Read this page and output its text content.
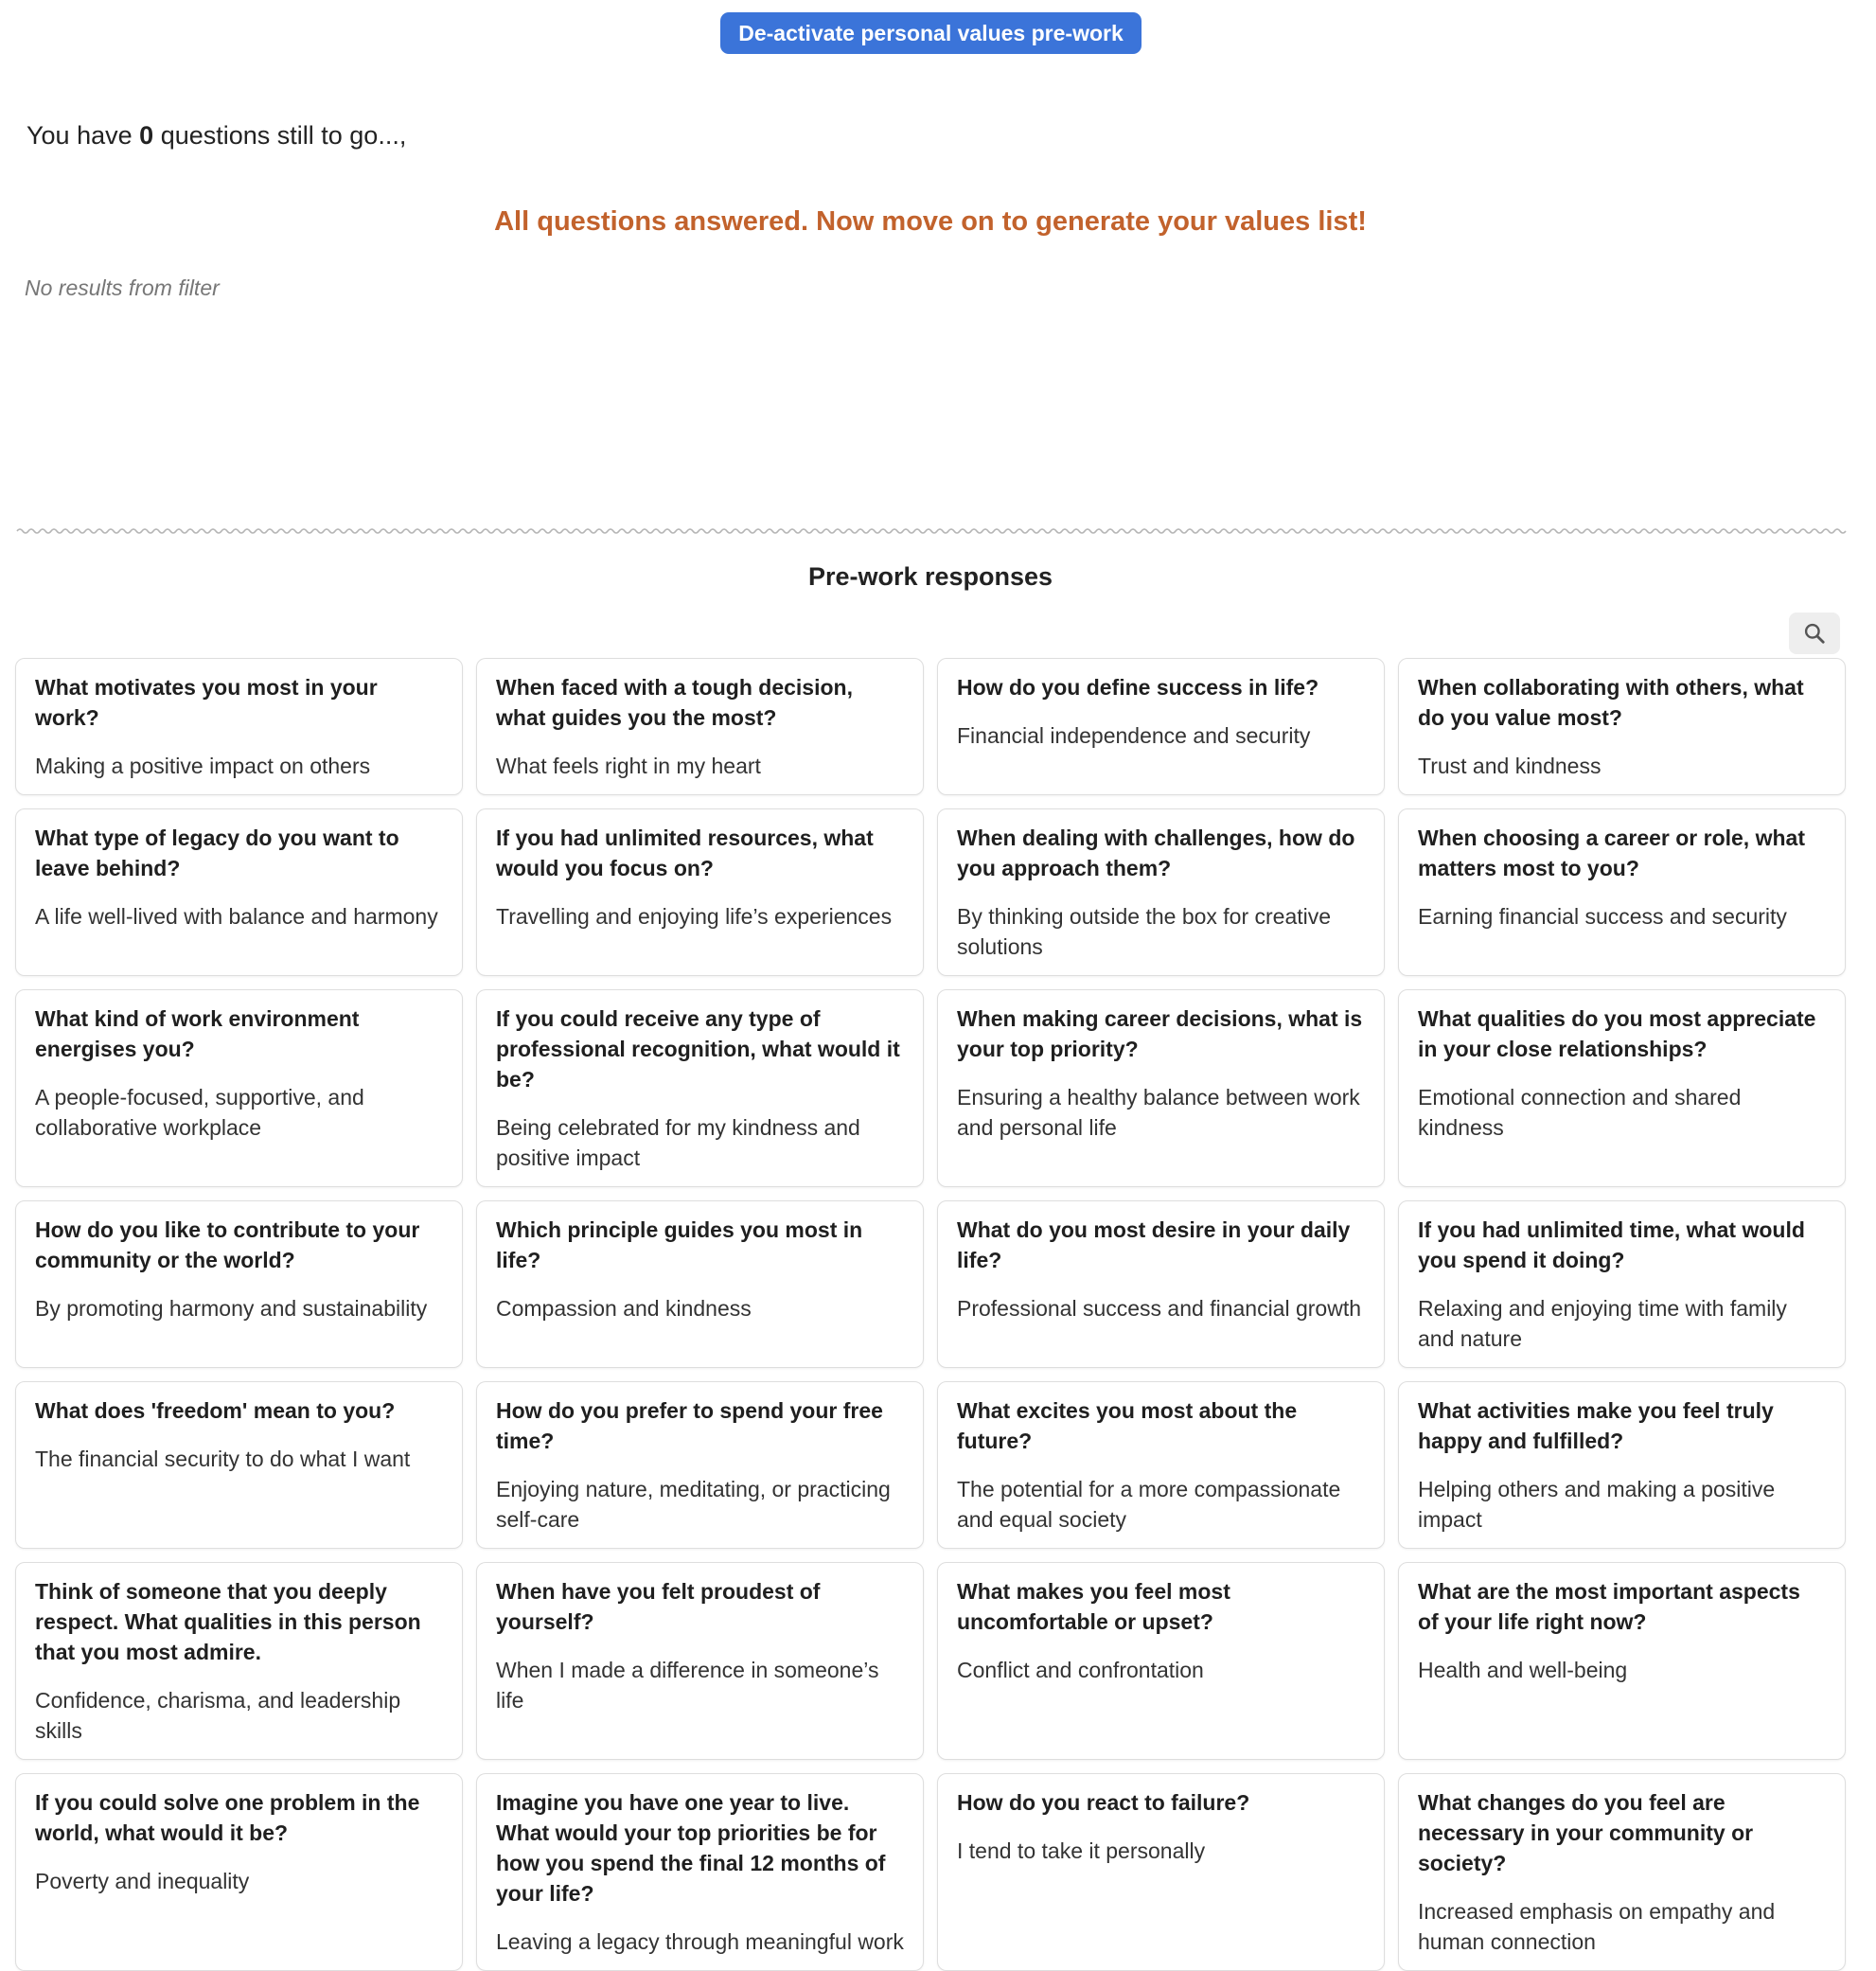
De-activate personal values pre-work
You have 0 questions still to go...,
All questions answered. Now move on to generate your values list!
No results from filter
Pre-work responses
What motivates you most in your work?
Making a positive impact on others
When faced with a tough decision, what guides you the most?
What feels right in my heart
How do you define success in life?
Financial independence and security
When collaborating with others, what do you value most?
Trust and kindness
What type of legacy do you want to leave behind?
A life well-lived with balance and harmony
If you had unlimited resources, what would you focus on?
Travelling and enjoying life’s experiences
When dealing with challenges, how do you approach them?
By thinking outside the box for creative solutions
When choosing a career or role, what matters most to you?
Earning financial success and security
What kind of work environment energises you?
A people-focused, supportive, and collaborative workplace
If you could receive any type of professional recognition, what would it be?
Being celebrated for my kindness and positive impact
When making career decisions, what is your top priority?
Ensuring a healthy balance between work and personal life
What qualities do you most appreciate in your close relationships?
Emotional connection and shared kindness
How do you like to contribute to your community or the world?
By promoting harmony and sustainability
Which principle guides you most in life?
Compassion and kindness
What do you most desire in your daily life?
Professional success and financial growth
If you had unlimited time, what would you spend it doing?
Relaxing and enjoying time with family and nature
What does 'freedom' mean to you?
The financial security to do what I want
How do you prefer to spend your free time?
Enjoying nature, meditating, or practicing self-care
What excites you most about the future?
The potential for a more compassionate and equal society
What activities make you feel truly happy and fulfilled?
Helping others and making a positive impact
Think of someone that you deeply respect. What qualities in this person that you most admire.
Confidence, charisma, and leadership skills
When have you felt proudest of yourself?
When I made a difference in someone’s life
What makes you feel most uncomfortable or upset?
Conflict and confrontation
What are the most important aspects of your life right now?
Health and well-being
If you could solve one problem in the world, what would it be?
Poverty and inequality
Imagine you have one year to live. What would your top priorities be for how you spend the final 12 months of your life?
Leaving a legacy through meaningful work
How do you react to failure?
I tend to take it personally
What changes do you feel are necessary in your community or society?
Increased emphasis on empathy and human connection
